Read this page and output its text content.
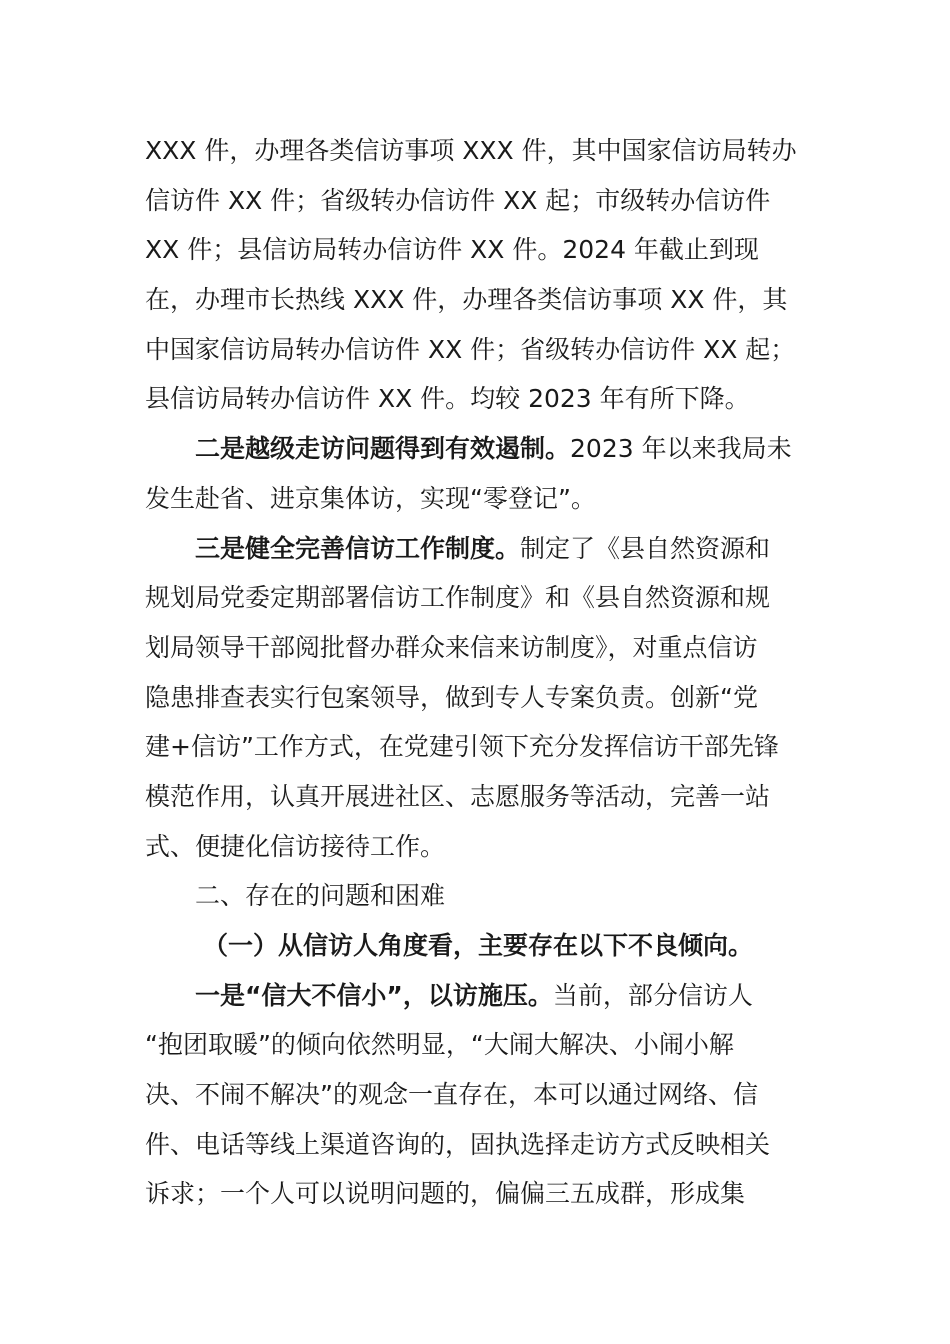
XXX 件，办理各类信访事项 XXX 件，其中国家信访局转办
信访件 XX 件；省级转办信访件 XX 起；市级转办信访件
XX 件；县信访局转办信访件 XX 件。2024 年截止到现
在，办理市长热线 XXX 件，办理各类信访事项 XX 件，其
中国家信访局转办信访件 XX 件；省级转办信访件 XX 起；
县信访局转办信访件 XX 件。均较 2023 年有所下降。
二是越级走访问题得到有效遏制。2023 年以来我局未
发生赴省、进京集体访，实现“零登记”。
三是健全完善信访工作制度。制定了《县自然资源和
规划局党委定期部署信访工作制度》和《县自然资源和规
划局领导干部阅批督办群众来信来访制度》，对重点信访
隐患排查表实行包案领导，做到专人专案负责。创新“党
建+信访”工作方式，在党建引领下充分发挥信访干部先锋
模范作用，认真开展进社区、志愿服务等活动，完善一站
式、便捷化信访接待工作。
二、存在的问题和困难
（一）从信访人角度看，主要存在以下不良倾向。
一是“信大不信小”，以访施压。当前，部分信访人
“抱团取暖”的倾向依然明显，“大闹大解决、小闹小解
决、不闹不解决”的观念一直存在，本可以通过网络、信
件、电话等线上渠道咨询的，固执选择走访方式反映相关
诉求；一个人可以说明问题的，偏偏三五成群，形成集
